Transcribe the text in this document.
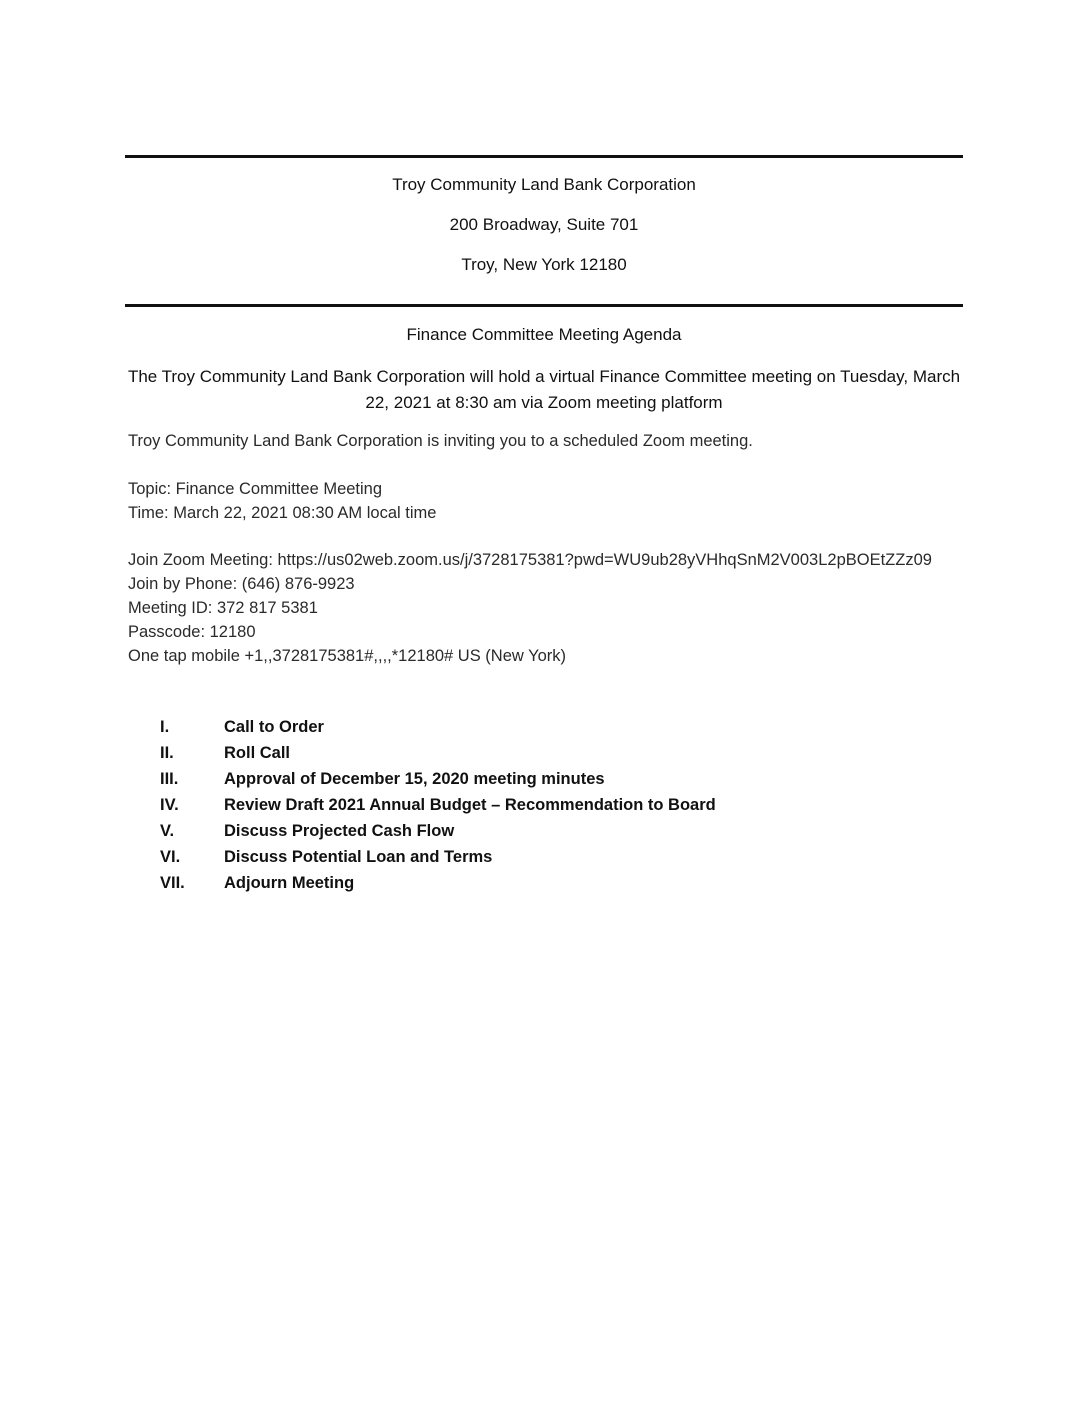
Troy Community Land Bank Corporation
200 Broadway, Suite 701
Troy, New York 12180
Finance Committee Meeting Agenda
The Troy Community Land Bank Corporation will hold a virtual Finance Committee meeting on Tuesday, March 22, 2021 at 8:30 am via Zoom meeting platform
Troy Community Land Bank Corporation is inviting you to a scheduled Zoom meeting.
Topic: Finance Committee Meeting
Time: March 22, 2021 08:30 AM local time
Join Zoom Meeting: https://us02web.zoom.us/j/3728175381?pwd=WU9ub28yVHhqSnM2V003L2pBOEtZZz09
Join by Phone: (646) 876-9923
Meeting ID: 372 817 5381
Passcode: 12180
One tap mobile +1,,3728175381#,,,,*12180# US (New York)
I.	Call to Order
II.	Roll Call
III.	Approval of December 15, 2020 meeting minutes
IV.	Review Draft 2021 Annual Budget – Recommendation to Board
V.	Discuss Projected Cash Flow
VI.	Discuss Potential Loan and Terms
VII.	Adjourn Meeting
